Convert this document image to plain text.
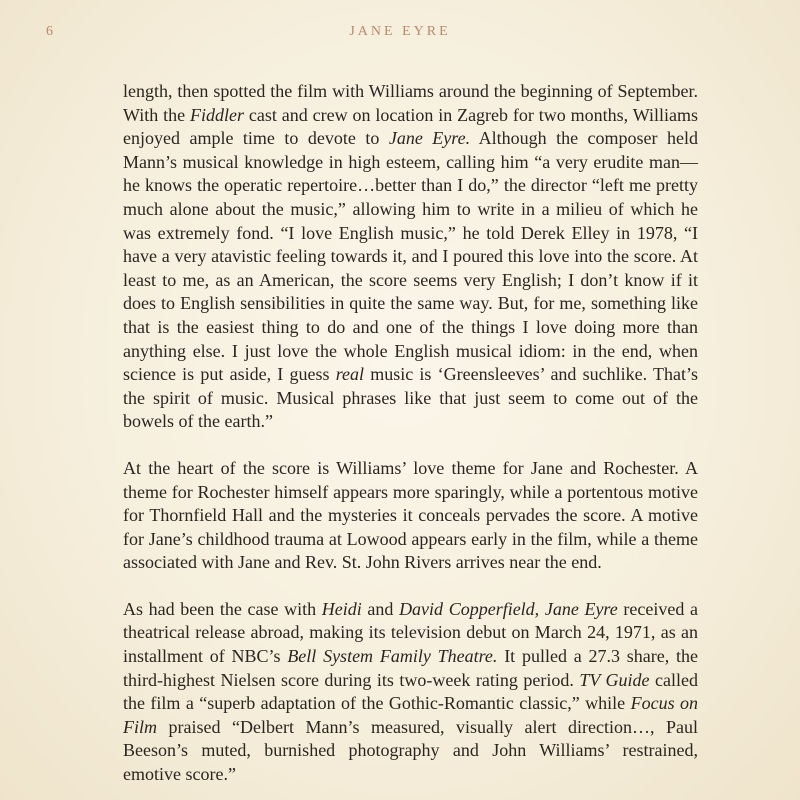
6	JANE EYRE

length, then spotted the film with Williams around the beginning of September. With the Fiddler cast and crew on location in Zagreb for two months, Williams enjoyed ample time to devote to Jane Eyre. Although the composer held Mann’s musical knowledge in high esteem, calling him “a very erudite man—he knows the operatic repertoire…better than I do,” the director “left me pretty much alone about the music,” allowing him to write in a milieu of which he was extremely fond. “I love English music,” he told Derek Elley in 1978, “I have a very atavistic feeling towards it, and I poured this love into the score. At least to me, as an American, the score seems very English; I don’t know if it does to English sensibilities in quite the same way. But, for me, something like that is the easiest thing to do and one of the things I love doing more than anything else. I just love the whole English musical idiom: in the end, when science is put aside, I guess real music is ‘Greensleeves’ and suchlike. That’s the spirit of music. Musical phrases like that just seem to come out of the bowels of the earth.”

At the heart of the score is Williams’ love theme for Jane and Rochester. A theme for Rochester himself appears more sparingly, while a portentous motive for Thornfield Hall and the mysteries it conceals pervades the score. A motive for Jane’s childhood trauma at Lowood appears early in the film, while a theme associated with Jane and Rev. St. John Rivers arrives near the end.

As had been the case with Heidi and David Copperfield, Jane Eyre received a theatrical release abroad, making its television debut on March 24, 1971, as an installment of NBC’s Bell System Family Theatre. It pulled a 27.3 share, the third-highest Nielsen score during its two-week rating period. TV Guide called the film a “superb adaptation of the Gothic-Romantic classic,” while Focus on Film praised “Delbert Mann’s measured, visually alert direction…, Paul Beeson’s muted, burnished photography and John Williams’ restrained, emotive score.”
